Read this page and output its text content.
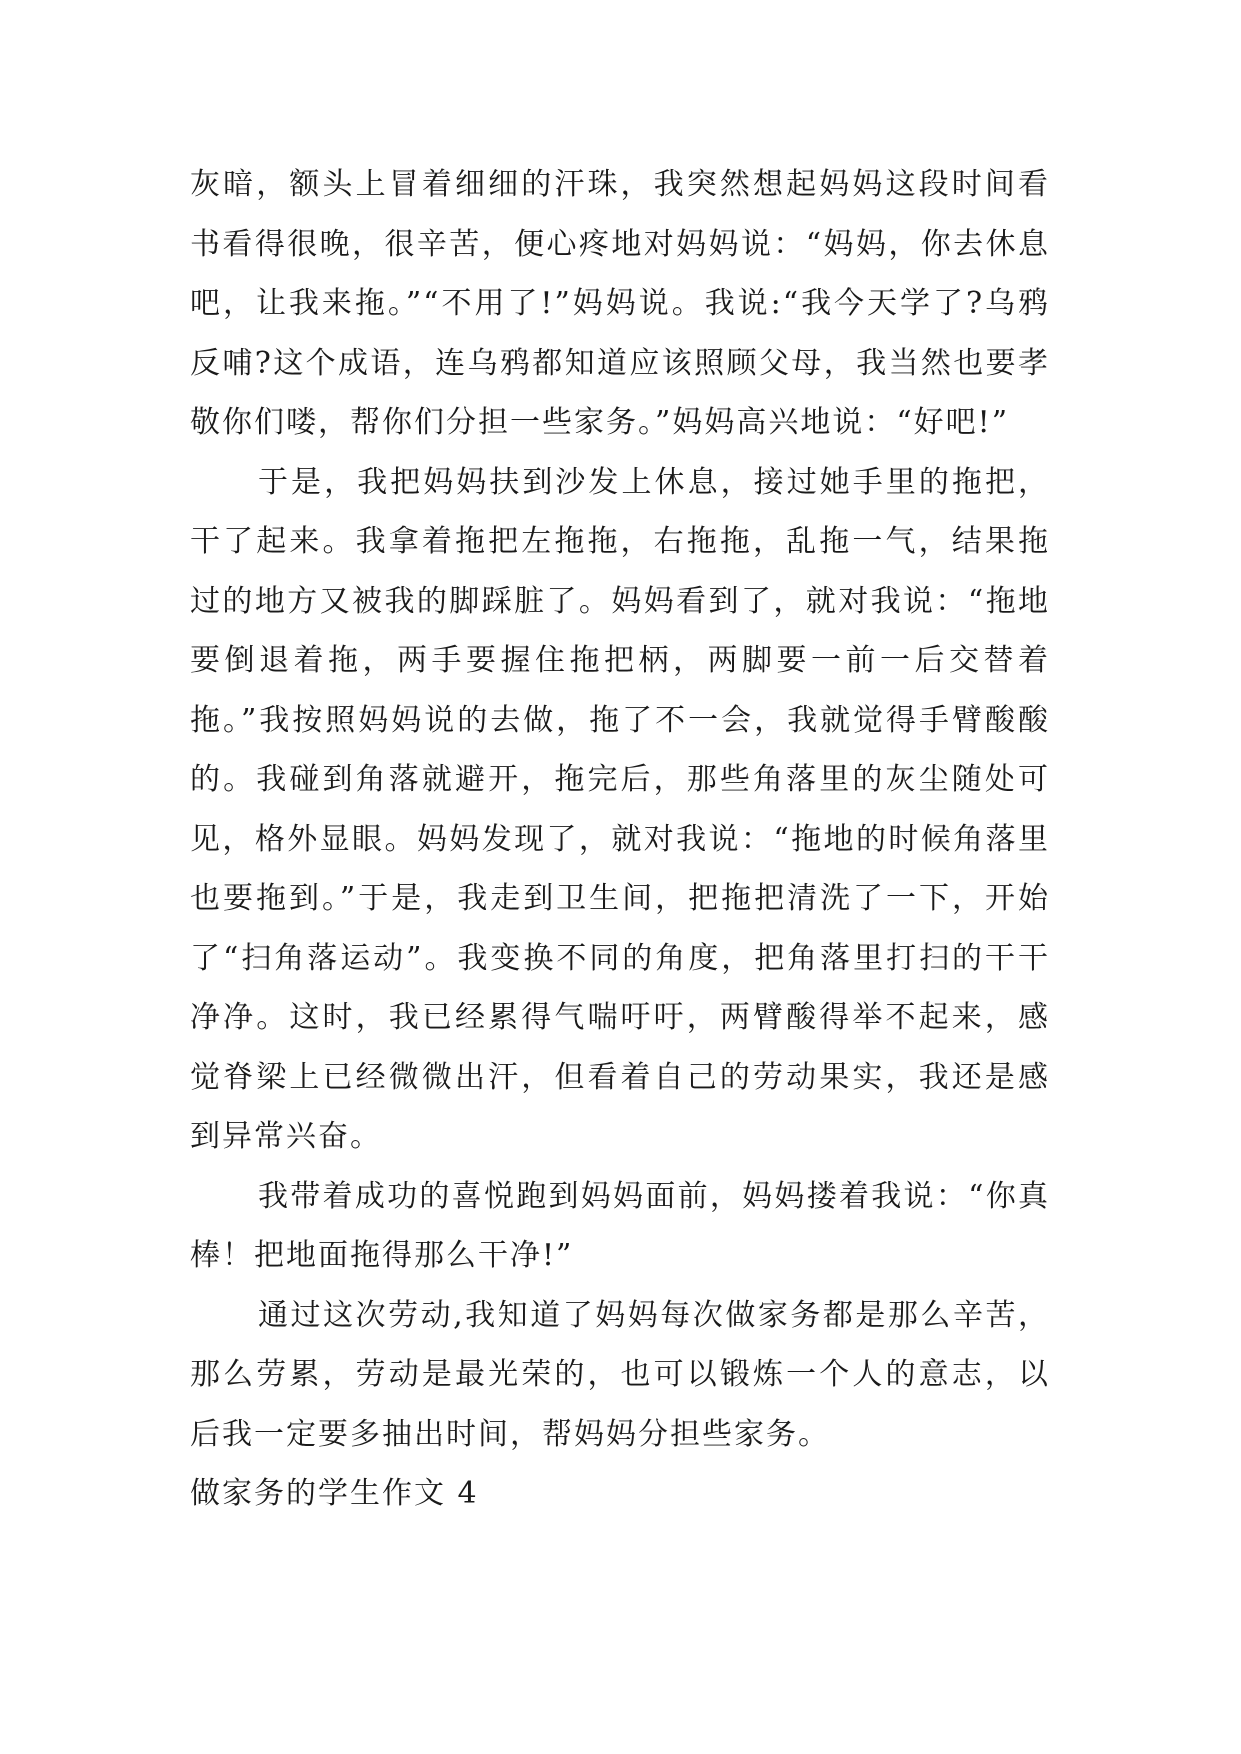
灰暗，额头上冒着细细的汗珠，我突然想起妈妈这段时间看书看得很晚，很辛苦，便心疼地对妈妈说：“妈妈，你去休息吧，让我来拖。”“不用了!”妈妈说。我说:“我今天学了?乌鸦反哺?这个成语，连乌鸦都知道应该照顾父母，我当然也要孝敬你们喽，帮你们分担一些家务。”妈妈高兴地说：“好吧!”

于是，我把妈妈扶到沙发上休息，接过她手里的拖把，干了起来。我拿着拖把左拖拖，右拖拖，乱拖一气，结果拖过的地方又被我的脚踩脏了。妈妈看到了，就对我说：“拖地要倒退着拖，两手要握住拖把柄，两脚要一前一后交替着拖。”我按照妈妈说的去做，拖了不一会，我就觉得手臂酸酸的。我碰到角落就避开，拖完后，那些角落里的灰尘随处可见，格外显眼。妈妈发现了，就对我说：“拖地的时候角落里也要拖到。”于是，我走到卫生间，把拖把清洗了一下，开始了“扫角落运动”。我变换不同的角度，把角落里打扫的干干净净。这时，我已经累得气喘吁吁，两臂酸得举不起来，感觉脊梁上已经微微出汗，但看着自己的劳动果实，我还是感到异常兴奋。

我带着成功的喜悦跑到妈妈面前，妈妈搂着我说：“你真棒！把地面拖得那么干净!”

通过这次劳动,我知道了妈妈每次做家务都是那么辛苦，那么劳累，劳动是最光荣的，也可以锻炼一个人的意志，以后我一定要多抽出时间，帮妈妈分担些家务。

做家务的学生作文 4
